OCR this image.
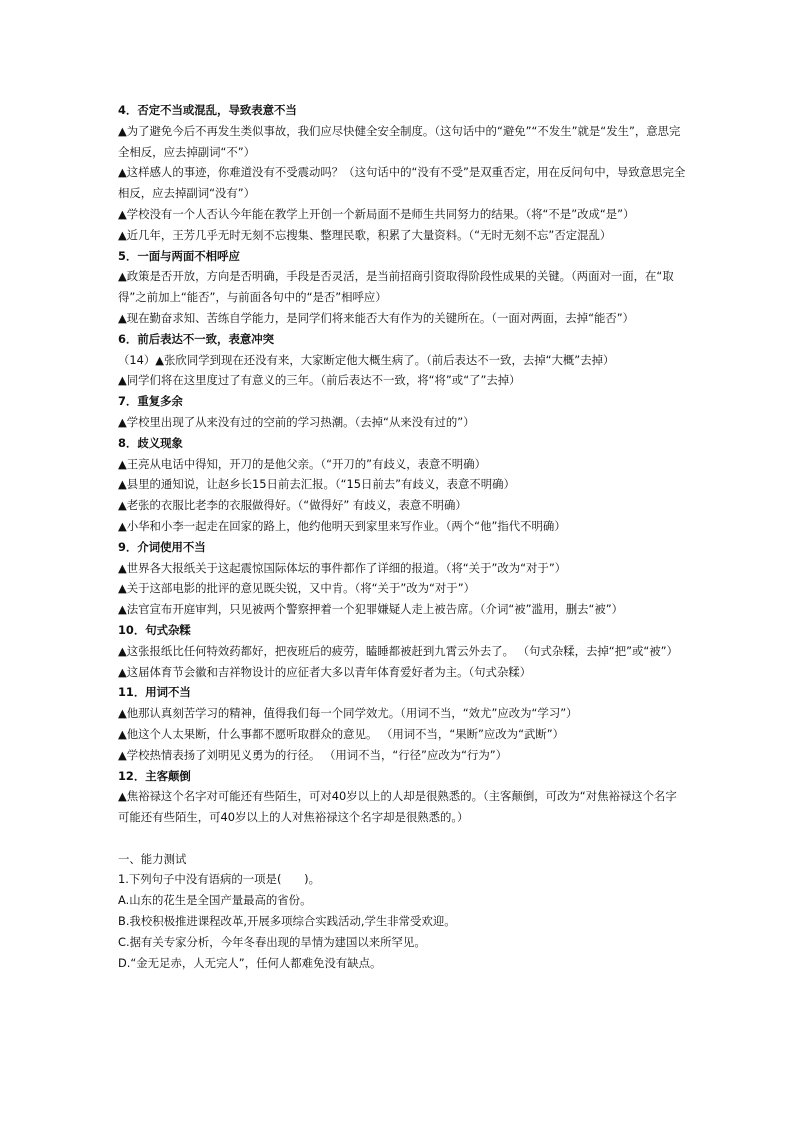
4．否定不当或混乱，导致表意不当
▲为了避免今后不再发生类似事故，我们应尽快健全安全制度。（这句话中的“避免”“不发生”就是“发生”，意思完全相反，应去掉副词“不”）
▲这样感人的事迹，你难道没有不受震动吗？（这句话中的“没有不受”是双重否定，用在反问句中，导致意思完全相反，应去掉副词“没有”）
▲学校没有一个人否认今年能在教学上开创一个新局面不是师生共同努力的结果。（将“不是”改成“是”）
▲近几年，王芳几乎无时无刻不忘搜集、整理民歌，积累了大量资料。（“无时无刻不忘”否定混乱）
5．一面与两面不相呼应
▲政策是否开放，方向是否明确，手段是否灵活，是当前招商引资取得阶段性成果的关键。（两面对一面，在“取得”之前加上“能否”，与前面各句中的“是否”相呼应）
▲现在勤奋求知、苦练自学能力，是同学们将来能否大有作为的关键所在。（一面对两面，去掉“能否”）
6．前后表达不一致，表意冲突
（14）▲张欣同学到现在还没有来，大家断定他大概生病了。（前后表达不一致，去掉“大概”去掉）
▲同学们将在这里度过了有意义的三年。（前后表达不一致，将“将”或“了”去掉）
7．重复多余
▲学校里出现了从来没有过的空前的学习热潮。（去掉“从来没有过的”）
8．歧义现象
▲王亮从电话中得知，开刀的是他父亲。（“开刀的”有歧义，表意不明确）
▲县里的通知说，让赵乡长15日前去汇报。（“15日前去”有歧义，表意不明确）
▲老张的衣服比老李的衣服做得好。（“做得好” 有歧义，表意不明确）
▲小华和小李一起走在回家的路上，他约他明天到家里来写作业。（两个“他”指代不明确）
9．介词使用不当
▲世界各大报纸关于这起震惊国际体坛的事件都作了详细的报道。（将“关于”改为“对于”）
▲关于这部电影的批评的意见既尖锐，又中肯。（将“关于”改为“对于”）
▲法官宣布开庭审判，只见被两个警察押着一个犯罪嫌疑人走上被告席。（介词“被”滥用，删去“被”）
10．句式杂糅
▲这张报纸比任何特效药都好，把夜班后的疲劳，瞌睡都被赶到九霄云外去了。 （句式杂糅，去掉“把”或“被”）
▲这届体育节会徽和吉祥物设计的应征者大多以青年体育爱好者为主。（句式杂糅）
11．用词不当
▲他那认真刻苦学习的精神，值得我们每一个同学效尤。（用词不当，“效尤”应改为“学习”）
▲他这个人太果断，什么事都不愿听取群众的意见。 （用词不当，“果断”应改为“武断”）
▲学校热情表扬了刘明见义勇为的行径。 （用词不当，“行径”应改为“行为”）
12．主客颠倒
▲焦裕禄这个名字对可能还有些陌生，可对40岁以上的人却是很熟悉的。（主客颠倒，可改为“对焦裕禄这个名字可能还有些陌生，可40岁以上的人对焦裕禄这个名字却是很熟悉的。）
一、能力测试
1.下列句子中没有语病的一项是(　　)。
A.山东的花生是全国产量最高的省份。
B.我校积极推进课程改革,开展多项综合实践活动,学生非常受欢迎。
C.据有关专家分析，今年冬春出现的旱情为建国以来所罕见。
D.“金无足赤，人无完人”，任何人都难免没有缺点。
